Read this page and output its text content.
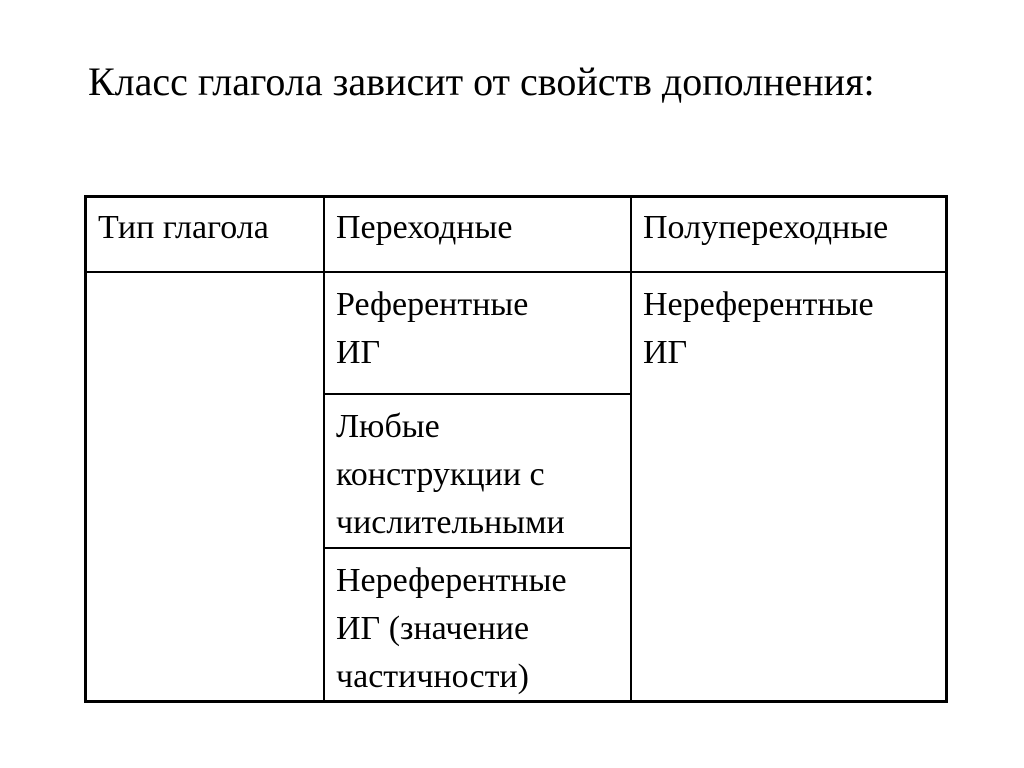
Класс глагола зависит от свойств дополнения:
Тип глагола Переходные	Полупереходные
Референтные
ИГ
Любые
конструкции с
числительными
Нереферентные
ИГ (значение
частичности)
Нереферентные
ИГ
